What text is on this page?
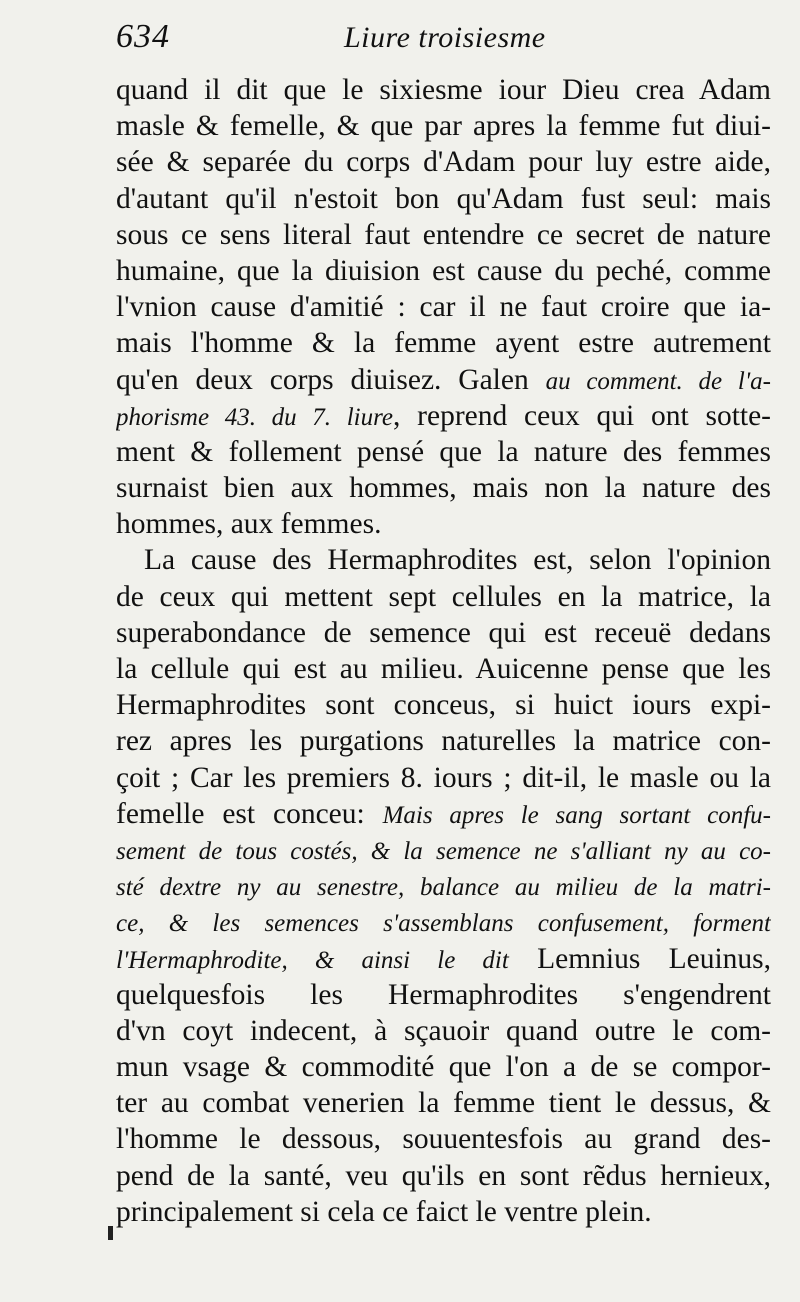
634	Liure troisiesme
quand il dit que le sixiesme iour Dieu crea Adam
masle & femelle, & que par apres la femme fut diui-
sée & separée du corps d'Adam pour luy estre aide,
d'autant qu'il n'estoit bon qu'Adam fust seul: mais
sous ce sens literal faut entendre ce secret de nature
humaine, que la diuision est cause du peché, comme
l'vnion cause d'amitié : car il ne faut croire que ia-
mais l'homme & la femme ayent estre autrement
qu'en deux corps diuisez. Galen au comment. de l'a-
phorisme 43. du 7. liure, reprend ceux qui ont sotte-
ment & follement pensé que la nature des femmes
surnaist bien aux hommes, mais non la nature des
hommes, aux femmes.
La cause des Hermaphrodites est, selon l'opinion
de ceux qui mettent sept cellules en la matrice, la
superabondance de semence qui est receuë dedans
la cellule qui est au milieu. Auicenne pense que les
Hermaphrodites sont conceus, si huict iours expi-
rez apres les purgations naturelles la matrice con-
çoit ; Car les premiers 8. iours ; dit-il, le masle ou la
femelle est conceu: Mais apres le sang sortant confu-
sement de tous costés, & la semence ne s'alliant ny au co-
sté dextre ny au senestre, balance au milieu de la matri-
ce, & les semences s'assemblans confusement, forment
l'Hermaphrodite, & ainsi le dit Lemnius Leuinus,
quelquesfois les Hermaphrodites s'engendrent
d'vn coyt indecent, à sçauoir quand outre le com-
mun vsage & commodité que l'on a de se compor-
ter au combat venerien la femme tient le dessus, &
l'homme le dessous, souuentesfois au grand des-
pend de la santé, veu qu'ils en sont rẽdus hernieux,
principalement si cela ce faict le ventre plein.
